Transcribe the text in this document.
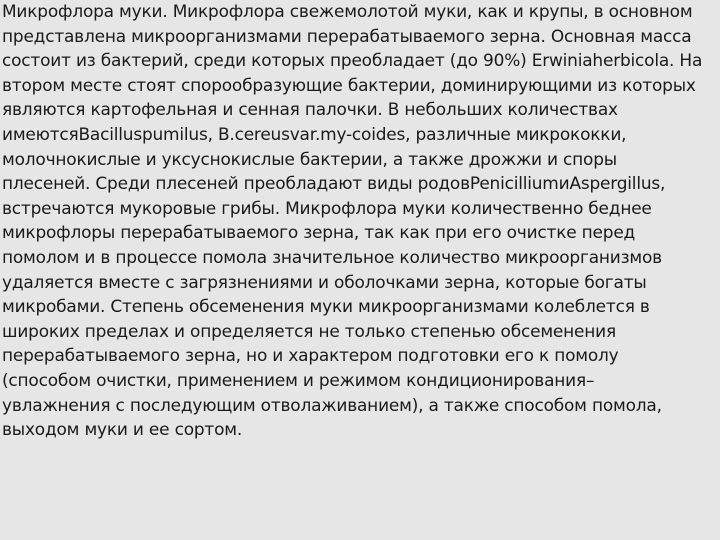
Микрофлора муки. Микрофлора свежемолотой муки, как и крупы, в основном
представлена микроорганизмами перерабатываемого зерна. Основная масса
состоит из бактерий, среди которых преобладает (до 90%) Erwiniaherbicola. На
втором месте стоят спорообразующие бактерии, доминирующими из которых
являются картофельная и сенная палочки. В небольших количествах
имеютсяBacilluspumilus, B.cereusvar.my-coides, различные микрококки,
молочнокислые и уксуснокислые бактерии, а также дрожжи и споры
плесеней. Среди плесеней преобладают виды родовPenicilliumиAspergillus,
встречаются мукоровые грибы. Микрофлора муки количественно беднее
микрофлоры перерабатываемого зерна, так как при его очистке перед
помолом и в процессе помола значительное количество микроорганизмов
удаляется вместе с загрязнениями и оболочками зерна, которые богаты
микробами. Степень обсеменения муки микроорганизмами колеблется в
широких пределах и определяется не только степенью обсеменения
перерабатываемого зерна, но и характером подготовки его к помолу
(способом очистки, применением и режимом кондиционирования–
увлажнения с последующим отволаживанием), а также способом помола,
выходом муки и ее сортом.
